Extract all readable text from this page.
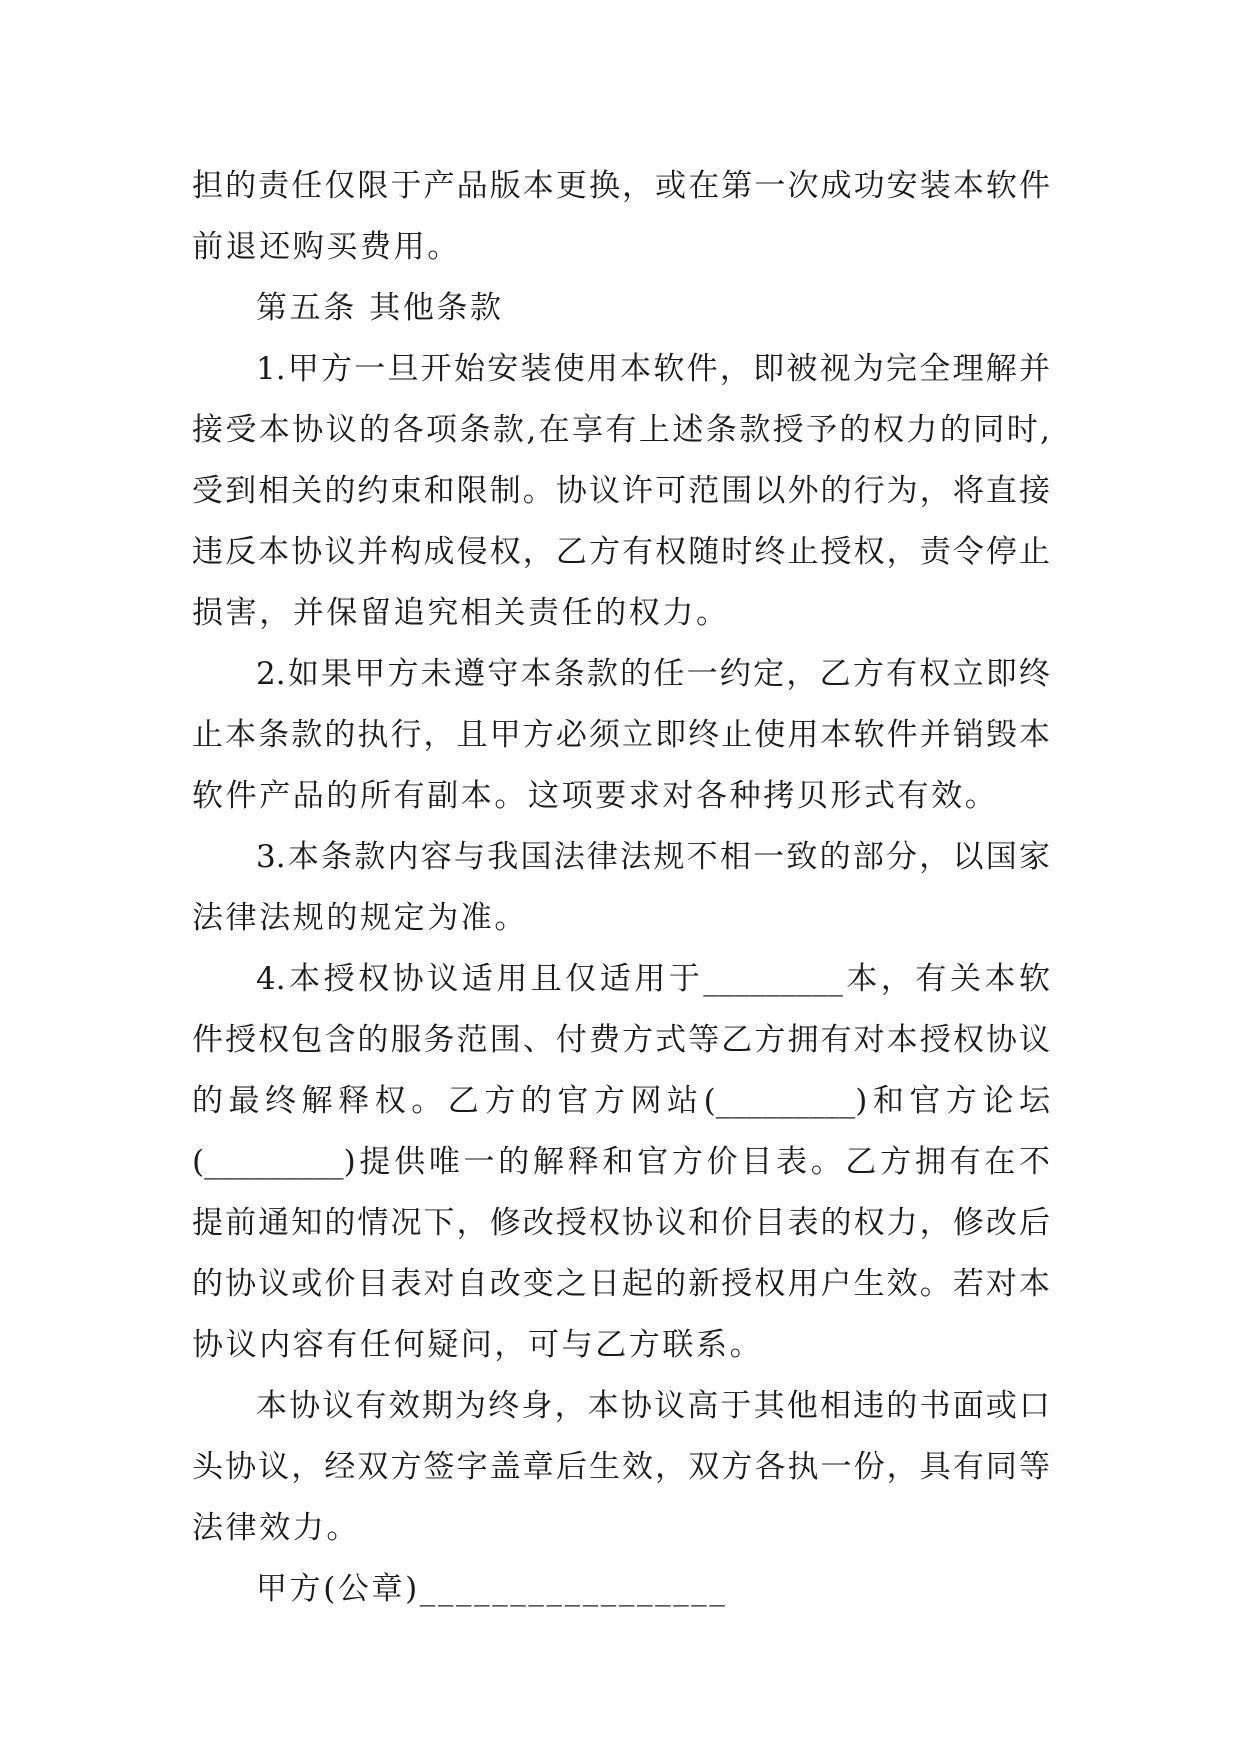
担的责任仅限于产品版本更换，或在第一次成功安装本软件
前退还购买费用。
第五条 其他条款
1.甲方一旦开始安装使用本软件，即被视为完全理解并
接受本协议的各项条款,在享有上述条款授予的权力的同时,
受到相关的约束和限制。协议许可范围以外的行为，将直接
违反本协议并构成侵权，乙方有权随时终止授权，责令停止
损害，并保留追究相关责任的权力。
2.如果甲方未遵守本条款的任一约定，乙方有权立即终
止本条款的执行，且甲方必须立即终止使用本软件并销毁本
软件产品的所有副本。这项要求对各种拷贝形式有效。
3.本条款内容与我国法律法规不相一致的部分，以国家
法律法规的规定为准。
4.本授权协议适用且仅适用于_________本，有关本软
件授权包含的服务范围、付费方式等乙方拥有对本授权协议
的最终解释权。乙方的官方网站(_________)和官方论坛
(_________)提供唯一的解释和官方价目表。乙方拥有在不
提前通知的情况下，修改授权协议和价目表的权力，修改后
的协议或价目表对自改变之日起的新授权用户生效。若对本
协议内容有任何疑问，可与乙方联系。
本协议有效期为终身，本协议高于其他相违的书面或口
头协议，经双方签字盖章后生效，双方各执一份，具有同等
法律效力。
甲方(公章)_________________
